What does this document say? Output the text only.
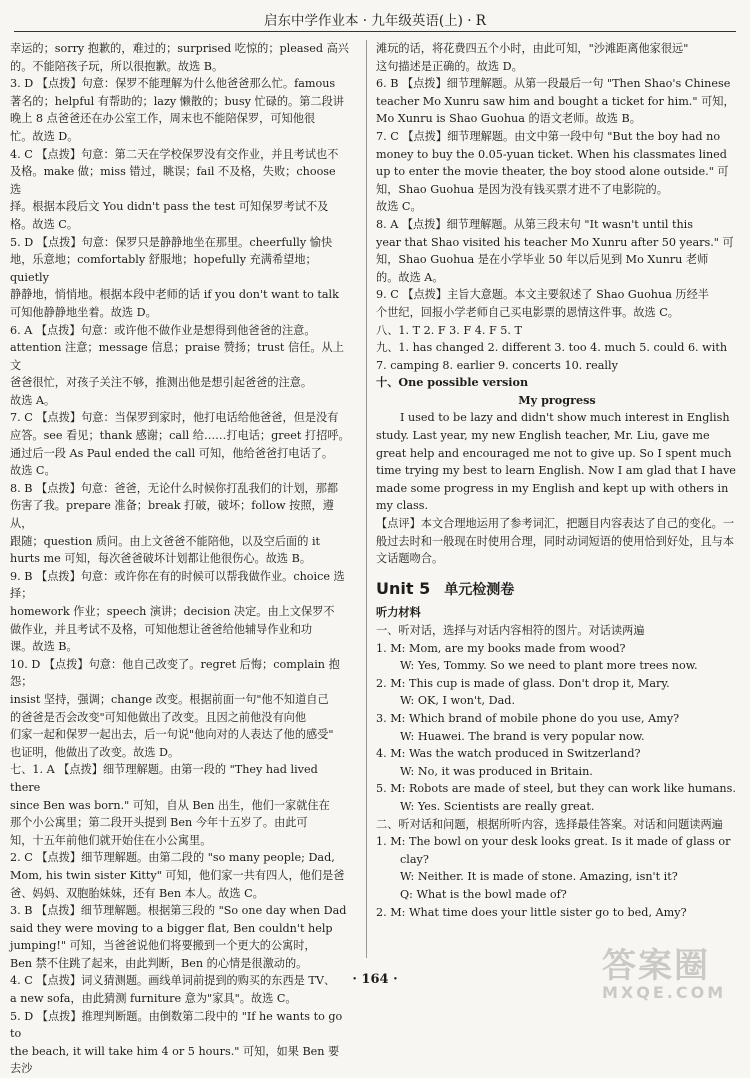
启东中学作业本 · 九年级英语(上) · R

幸运的；sorry 抱歉的，难过的；surprised 吃惊的；pleased 高兴

的。不能陪孩子玩，所以很抱歉。故选 B。

3. D 【点拨】句意：保罗不能理解为什么他爸爸那么忙。famous

著名的；helpful 有帮助的；lazy 懒散的；busy 忙碌的。第二段讲

晚上 8 点爸爸还在办公室工作，周末也不能陪保罗，可知他很

忙。故选 D。

4. C 【点拨】句意：第二天在学校保罗没有交作业，并且考试也不

及格。make 做；miss 错过，眺误；fail 不及格，失败；choose 选

择。根据本段后文 You didn't pass the test 可知保罗考试不及

格。故选 C。

5. D 【点拨】句意：保罗只是静静地坐在那里。cheerfully 愉快

地，乐意地；comfortably 舒服地；hopefully 充满希望地；quietly

静静地，悄悄地。根据本段中老师的话 if you don't want to talk

可知他静静地坐着。故选 D。

6. A 【点拨】句意：或许他不做作业是想得到他爸爸的注意。

attention 注意；message 信息；praise 赞扬；trust 信任。从上文

爸爸很忙，对孩子关注不够，推测出他是想引起爸爸的注意。

故选 A。

7. C 【点拨】句意：当保罗到家时，他打电话给他爸爸，但是没有

应答。see 看见；thank 感谢；call 给……打电话；greet 打招呼。

通过后一段 As Paul ended the call 可知，他给爸爸打电话了。

故选 C。

8. B 【点拨】句意：爸爸，无论什么时候你打乱我们的计划，那都

伤害了我。prepare 准备；break 打破，破坏；follow 按照，遵从，

跟随；question 质问。由上文爸爸不能陪他，以及空后面的 it

hurts me 可知，每次爸爸破坏计划都让他很伤心。故选 B。

9. B 【点拨】句意：或许你在有的时候可以帮我做作业。choice 选择；

homework 作业；speech 演讲；decision 决定。由上文保罗不

做作业，并且考试不及格，可知他想让爸爸给他辅导作业和功

课。故选 B。

10. D 【点拨】句意：他自己改变了。regret 后悔；complain 抱怨；

insist 坚持，强调；change 改变。根据前面一句"他不知道自己

的爸爸是否会改变"可知他做出了改变。且因之前他没有向他

们家一起和保罗一起出去，后一句说"他向对的人表达了他的感受"

也证明，他做出了改变。故选 D。

七、1. A 【点拨】细节理解题。由第一段的 "They had lived there

since Ben was born." 可知，自从 Ben 出生，他们一家就住在

那个小公寓里；第二段开头提到 Ben 今年十五岁了。由此可

知，十五年前他们就开始住在小公寓里。

2. C 【点拨】细节理解题。由第二段的 "so many people; Dad,

Mom, his twin sister Kitty" 可知，他们家一共有四人，他们是爸

爸、妈妈、双胞胎妹妹，还有 Ben 本人。故选 C。

3. B 【点拨】细节理解题。根据第三段的 "So one day when Dad

said they were moving to a bigger flat, Ben couldn't help

jumping!" 可知，当爸爸说他们将要搬到一个更大的公寓时，

Ben 禁不住跳了起来，由此判断，Ben 的心情是很激动的。

4. C 【点拨】词义猜测题。画线单词前提到的购买的东西是 TV、

a new sofa，由此猜测 furniture 意为"家具"。故选 C。

5. D 【点拨】推理判断题。由倒数第二段中的 "If he wants to go to

the beach, it will take him 4 or 5 hours." 可知，如果 Ben 要去沙

滩玩的话，将花费四五个小时，由此可知，"沙滩距离他家很远"

这句描述是正确的。故选 D。

6. B 【点拨】细节理解题。从第一段最后一句 "Then Shao's Chinese

teacher Mo Xunru saw him and bought a ticket for him." 可知，

Mo Xunru is Shao Guohua 的语文老师。故选 B。

7. C 【点拨】细节理解题。由文中第一段中句 "But the boy had no

money to buy the 0.05-yuan ticket. When his classmates lined

up to enter the movie theater, the boy stood alone outside." 可

知，Shao Guohua 是因为没有钱买票才进不了电影院的。

故选 C。

8. A 【点拨】细节理解题。从第三段末句 "It wasn't until this

year that Shao visited his teacher Mo Xunru after 50 years." 可

知，Shao Guohua 是在小学毕业 50 年以后见到 Mo Xunru 老师

的。故选 A。

9. C 【点拨】主旨大意题。本文主要叙述了 Shao Guohua 历经半

个世纪，回报小学老师自己买电影票的恩情这件事。故选 C。

八、1. T 2. F 3. F 4. F 5. T

九、1. has changed 2. different 3. too 4. much 5. could 6. with

7. camping 8. earlier 9. concerts 10. really

十、One possible version

My progress

I used to be lazy and didn't show much interest in English study. Last year, my new English teacher, Mr. Liu, gave me great help and encouraged me not to give up. So I spent much time trying my best to learn English. Now I am glad that I have made some progress in my English and kept up with others in my class.

【点评】本文合理地运用了参考词汇，把题目内容表达了自己的变化。一般过去时和一般现在时使用合理，同时动词短语的使用恰到好处，且与本文话题吻合。

Unit 5 单元检测卷

听力材料

一、听对话，选择与对话内容相符的图片。对话读两遍

1. M: Mom, are my books made from wood?

W: Yes, Tommy. So we need to plant more trees now.

2. M: This cup is made of glass. Don't drop it, Mary.

W: OK, I won't, Dad.

3. M: Which brand of mobile phone do you use, Amy?

W: Huawei. The brand is very popular now.

4. M: Was the watch produced in Switzerland?

W: No, it was produced in Britain.

5. M: Robots are made of steel, but they can work like humans.

W: Yes. Scientists are really great.

二、听对话和问题，根据所听内容，选择最佳答案。对话和问题读两遍

1. M: The bowl on your desk looks great. Is it made of glass or

clay?

W: Neither. It is made of stone. Amazing, isn't it?

Q: What is the bowl made of?

2. M: What time does your little sister go to bed, Amy?

· 164 ·	答案圈
MXQE.COM
